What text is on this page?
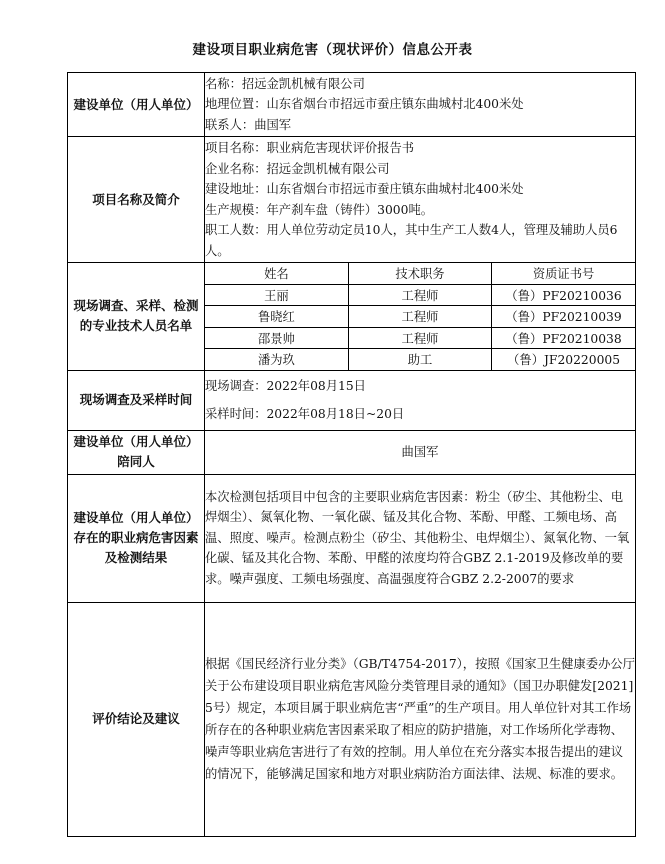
建设项目职业病危害（现状评价）信息公开表
建设单位（用人单位）	
名称：招远金凯机械有限公司
地理位置：山东省烟台市招远市蚕庄镇东曲城村北400米处
联系人：曲国军

项目名称及简介	
项目名称：职业病危害现状评价报告书
企业名称：招远金凯机械有限公司
建设地址：山东省烟台市招远市蚕庄镇东曲城村北400米处
生产规模：年产刹车盘（铸件）3000吨。
职工人数：用人单位劳动定员10人，其中生产工人数4人，管理及辅助人员6人。

现场调查、采样、检测的专业技术人员名单	
姓名	技术职务	资质证书号
王丽	工程师	（鲁）PF20210036
鲁晓红	工程师	（鲁）PF20210039
邵景帅	工程师	（鲁）PF20210038
潘为玖	助工	（鲁）JF20220005

现场调查及采样时间	
现场调查：2022年08月15日
采样时间：2022年08月18日~20日

建设单位（用人单位）陪同人	曲国军
建设单位（用人单位）存在的职业病危害因素及检测结果	本次检测包括项目中包含的主要职业病危害因素：粉尘（矽尘、其他粉尘、电焊烟尘）、氮氧化物、一氧化碳、锰及其化合物、苯酚、甲醛、工频电场、高温、照度、噪声。检测点粉尘（矽尘、其他粉尘、电焊烟尘）、氮氧化物、一氧化碳、锰及其化合物、苯酚、甲醛的浓度均符合GBZ 2.1-2019及修改单的要求。噪声强度、工频电场强度、高温强度符合GBZ 2.2-2007的要求
评价结论及建议	根据《国民经济行业分类》（GB/T4754-2017），按照《国家卫生健康委办公厅关于公布建设项目职业病危害风险分类管理目录的通知》（国卫办职健发[2021]5号）规定，本项目属于职业病危害“严重”的生产项目。用人单位针对其工作场所存在的各种职业病危害因素采取了相应的防护措施，对工作场所化学毒物、噪声等职业病危害进行了有效的控制。用人单位在充分落实本报告提出的建议的情况下，能够满足国家和地方对职业病防治方面法律、法规、标准的要求。
